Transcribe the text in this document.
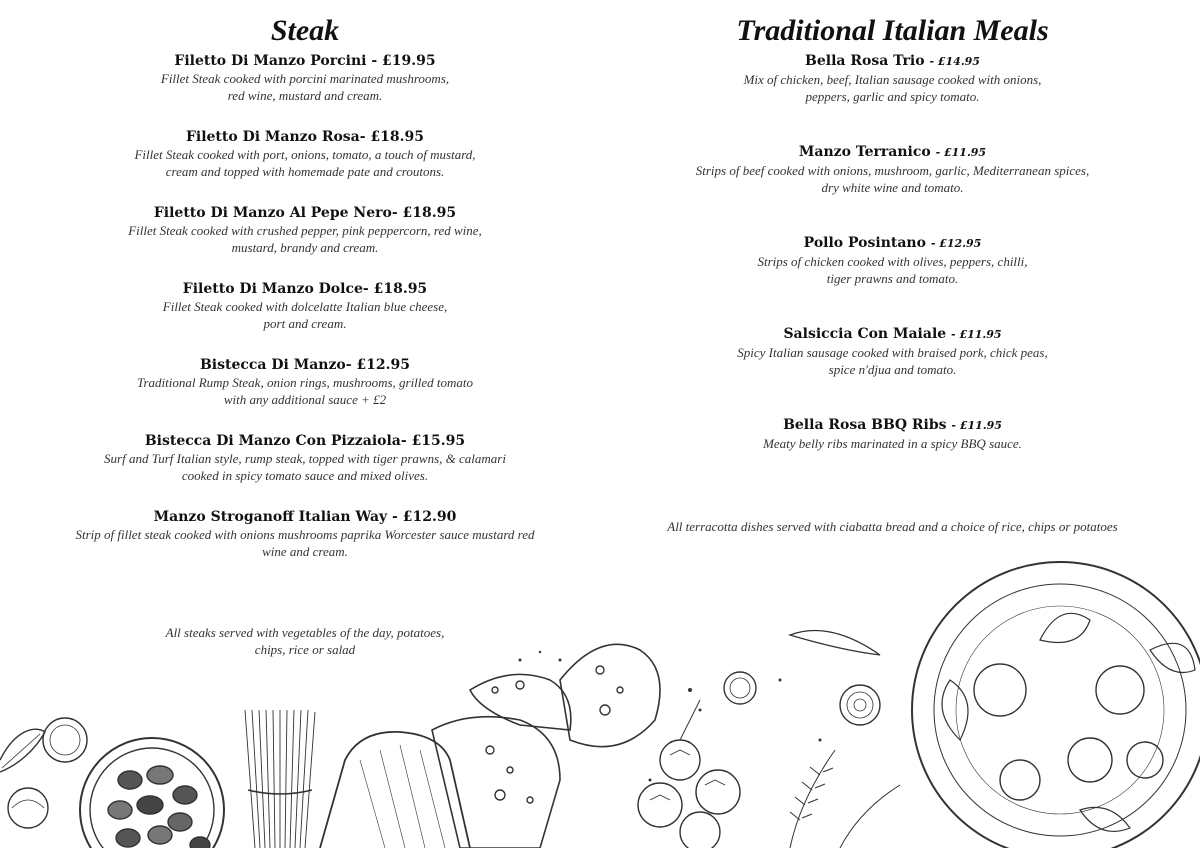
Steak
Filetto Di Manzo Porcini - £19.95
Fillet Steak cooked with porcini marinated mushrooms,
red wine, mustard and cream.
Filetto Di Manzo Rosa- £18.95
Fillet Steak cooked with port, onions, tomato, a touch of mustard,
cream and topped with homemade pate and croutons.
Filetto Di Manzo Al Pepe Nero- £18.95
Fillet Steak cooked with crushed pepper, pink peppercorn, red wine,
mustard, brandy and cream.
Filetto Di Manzo Dolce- £18.95
Fillet Steak cooked with dolcelatte Italian blue cheese,
port and cream.
Bistecca Di Manzo- £12.95
Traditional Rump Steak, onion rings, mushrooms, grilled tomato
with any additional sauce + £2
Bistecca Di Manzo Con Pizzaiola- £15.95
Surf and Turf Italian style, rump steak, topped with tiger prawns, & calamari
cooked in spicy tomato sauce and mixed olives.
Manzo Stroganoff Italian Way - £12.90
Strip of fillet steak cooked with onions mushrooms paprika Worcester sauce mustard red
wine and cream.
All steaks served with vegetables of the day, potatoes,
chips, rice or salad
Traditional Italian Meals
Bella Rosa Trio - £14.95
Mix of chicken, beef, Italian sausage cooked with onions,
peppers, garlic and spicy tomato.
Manzo Terranico - £11.95
Strips of beef cooked with onions, mushroom, garlic, Mediterranean spices,
dry white wine and tomato.
Pollo Posintano - £12.95
Strips of chicken cooked with olives, peppers, chilli,
tiger prawns and tomato.
Salsiccia Con Maiale - £11.95
Spicy Italian sausage cooked with braised pork, chick peas,
spice n'djua and tomato.
Bella Rosa BBQ Ribs - £11.95
Meaty belly ribs marinated in a spicy BBQ sauce.
All terracotta dishes served with ciabatta bread and a choice of rice, chips or potatoes
